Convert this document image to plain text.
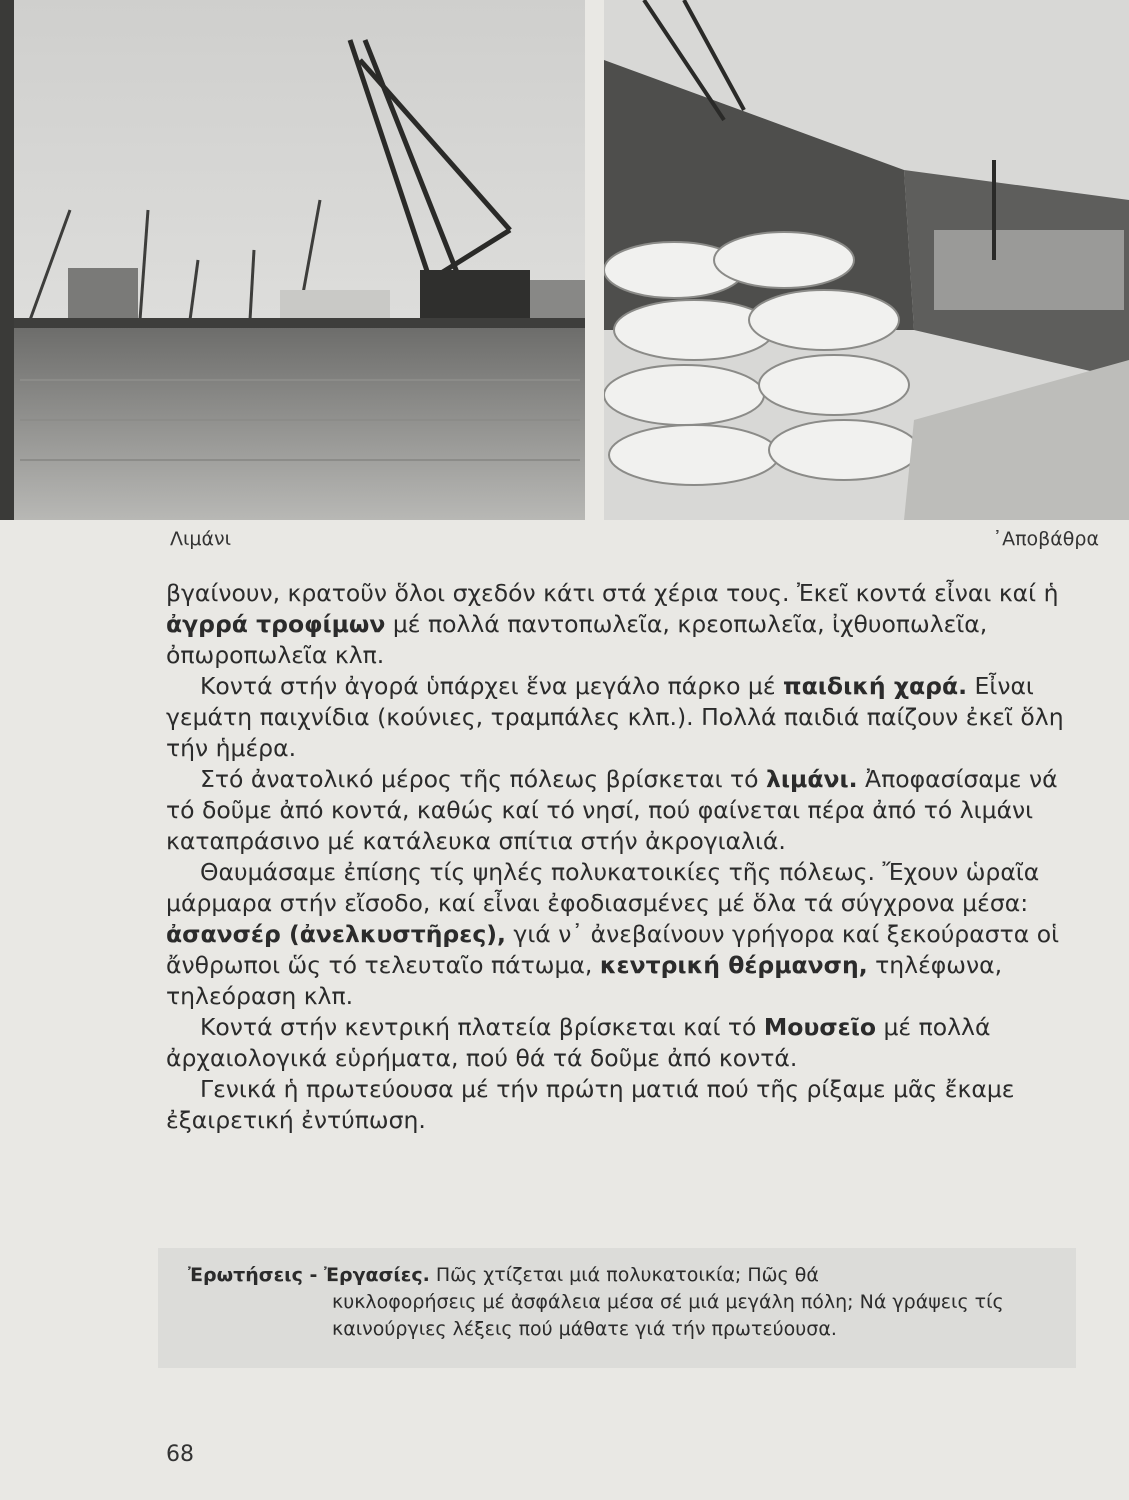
Λιμάνι	᾿Αποβάθρα

βγαίνουν, κρατοῦν ὅλοι σχεδόν κάτι στά χέρια τους. Ἐκεῖ κοντά εἶναι καί ἡ ἀγρρά τροφίμων μέ πολλά παντοπωλεῖα, κρεοπωλεῖα, ἰχθυοπωλεῖα, ὀπωροπωλεῖα κλπ.

Κοντά στήν ἀγορά ὑπάρχει ἕνα μεγάλο πάρκο μέ παιδική χαρά. Εἶναι γεμάτη παιχνίδια (κούνιες, τραμπάλες κλπ.). Πολλά παιδιά παίζουν ἐκεῖ ὅλη τήν ἡμέρα.

Στό ἀνατολικό μέρος τῆς πόλεως βρίσκεται τό λιμάνι. Ἀποφασίσαμε νά τό δοῦμε ἀπό κοντά, καθώς καί τό νησί, πού φαίνεται πέρα ἀπό τό λιμάνι καταπράσινο μέ κατάλευκα σπίτια στήν ἀκρογιαλιά.

Θαυμάσαμε ἐπίσης τίς ψηλές πολυκατοικίες τῆς πόλεως. Ἔχουν ὡραῖα μάρμαρα στήν εἴσοδο, καί εἶναι ἐφοδιασμένες μέ ὅλα τά σύγχρονα μέσα: ἀσανσέρ (ἀνελκυστῆρες), γιά ν᾿ ἀνεβαίνουν γρήγορα καί ξεκούραστα οἱ ἄνθρωποι ὥς τό τελευταῖο πάτωμα, κεντρική θέρμανση, τηλέφωνα, τηλεόραση κλπ.

Κοντά στήν κεντρική πλατεία βρίσκεται καί τό Μουσεῖο μέ πολλά ἀρχαιολογικά εὑρήματα, πού θά τά δοῦμε ἀπό κοντά.

Γενικά ἡ πρωτεύουσα μέ τήν πρώτη ματιά πού τῆς ρίξαμε μᾶς ἔκαμε ἐξαιρετική ἐντύπωση.

Ἐρωτήσεις - Ἐργασίες. Πῶς χτίζεται μιά πολυκατοικία; Πῶς θά
κυκλοφορήσεις μέ ἀσφάλεια μέσα σέ μιά μεγάλη πόλη; Νά γράψεις τίς καινούργιες λέξεις πού μάθατε γιά τήν πρωτεύουσα.
68
